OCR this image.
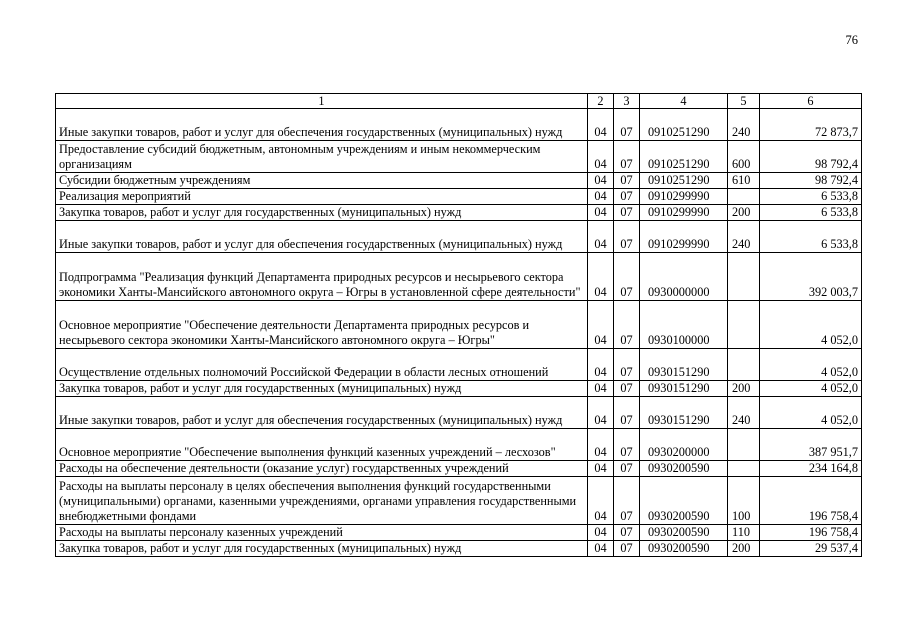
76
1	2	3	4	5	6
Иные закупки товаров, работ и услуг для обеспечения государственных (муниципальных) нужд	04	07	0910251290	240	72 873,7
Предоставление субсидий бюджетным, автономным учреждениям и иным некоммерческим организациям	04	07	0910251290	600	98 792,4
Субсидии бюджетным учреждениям	04	07	0910251290	610	98 792,4
Реализация мероприятий	04	07	0910299990		6 533,8
Закупка товаров, работ и услуг для государственных (муниципальных) нужд	04	07	0910299990	200	6 533,8
Иные закупки товаров, работ и услуг для обеспечения государственных (муниципальных) нужд	04	07	0910299990	240	6 533,8
Подпрограмма "Реализация функций Департамента природных ресурсов и несырьевого сектора экономики Ханты-Мансийского автономного округа – Югры в установленной сфере деятельности"	04	07	0930000000		392 003,7
Основное мероприятие "Обеспечение деятельности Департамента природных ресурсов и несырьевого сектора экономики Ханты-Мансийского автономного округа – Югры"	04	07	0930100000		4 052,0
Осуществление отдельных полномочий Российской Федерации в области лесных отношений	04	07	0930151290		4 052,0
Закупка товаров, работ и услуг для государственных (муниципальных) нужд	04	07	0930151290	200	4 052,0
Иные закупки товаров, работ и услуг для обеспечения государственных (муниципальных) нужд	04	07	0930151290	240	4 052,0
Основное мероприятие "Обеспечение выполнения функций казенных учреждений – лесхозов"	04	07	0930200000		387 951,7
Расходы на обеспечение деятельности (оказание услуг) государственных учреждений	04	07	0930200590		234 164,8
Расходы на выплаты персоналу в целях обеспечения выполнения функций государственными (муниципальными) органами, казенными учреждениями, органами управления государственными внебюджетными фондами	04	07	0930200590	100	196 758,4
Расходы на выплаты персоналу казенных учреждений	04	07	0930200590	110	196 758,4
Закупка товаров, работ и услуг для государственных (муниципальных) нужд	04	07	0930200590	200	29 537,4
